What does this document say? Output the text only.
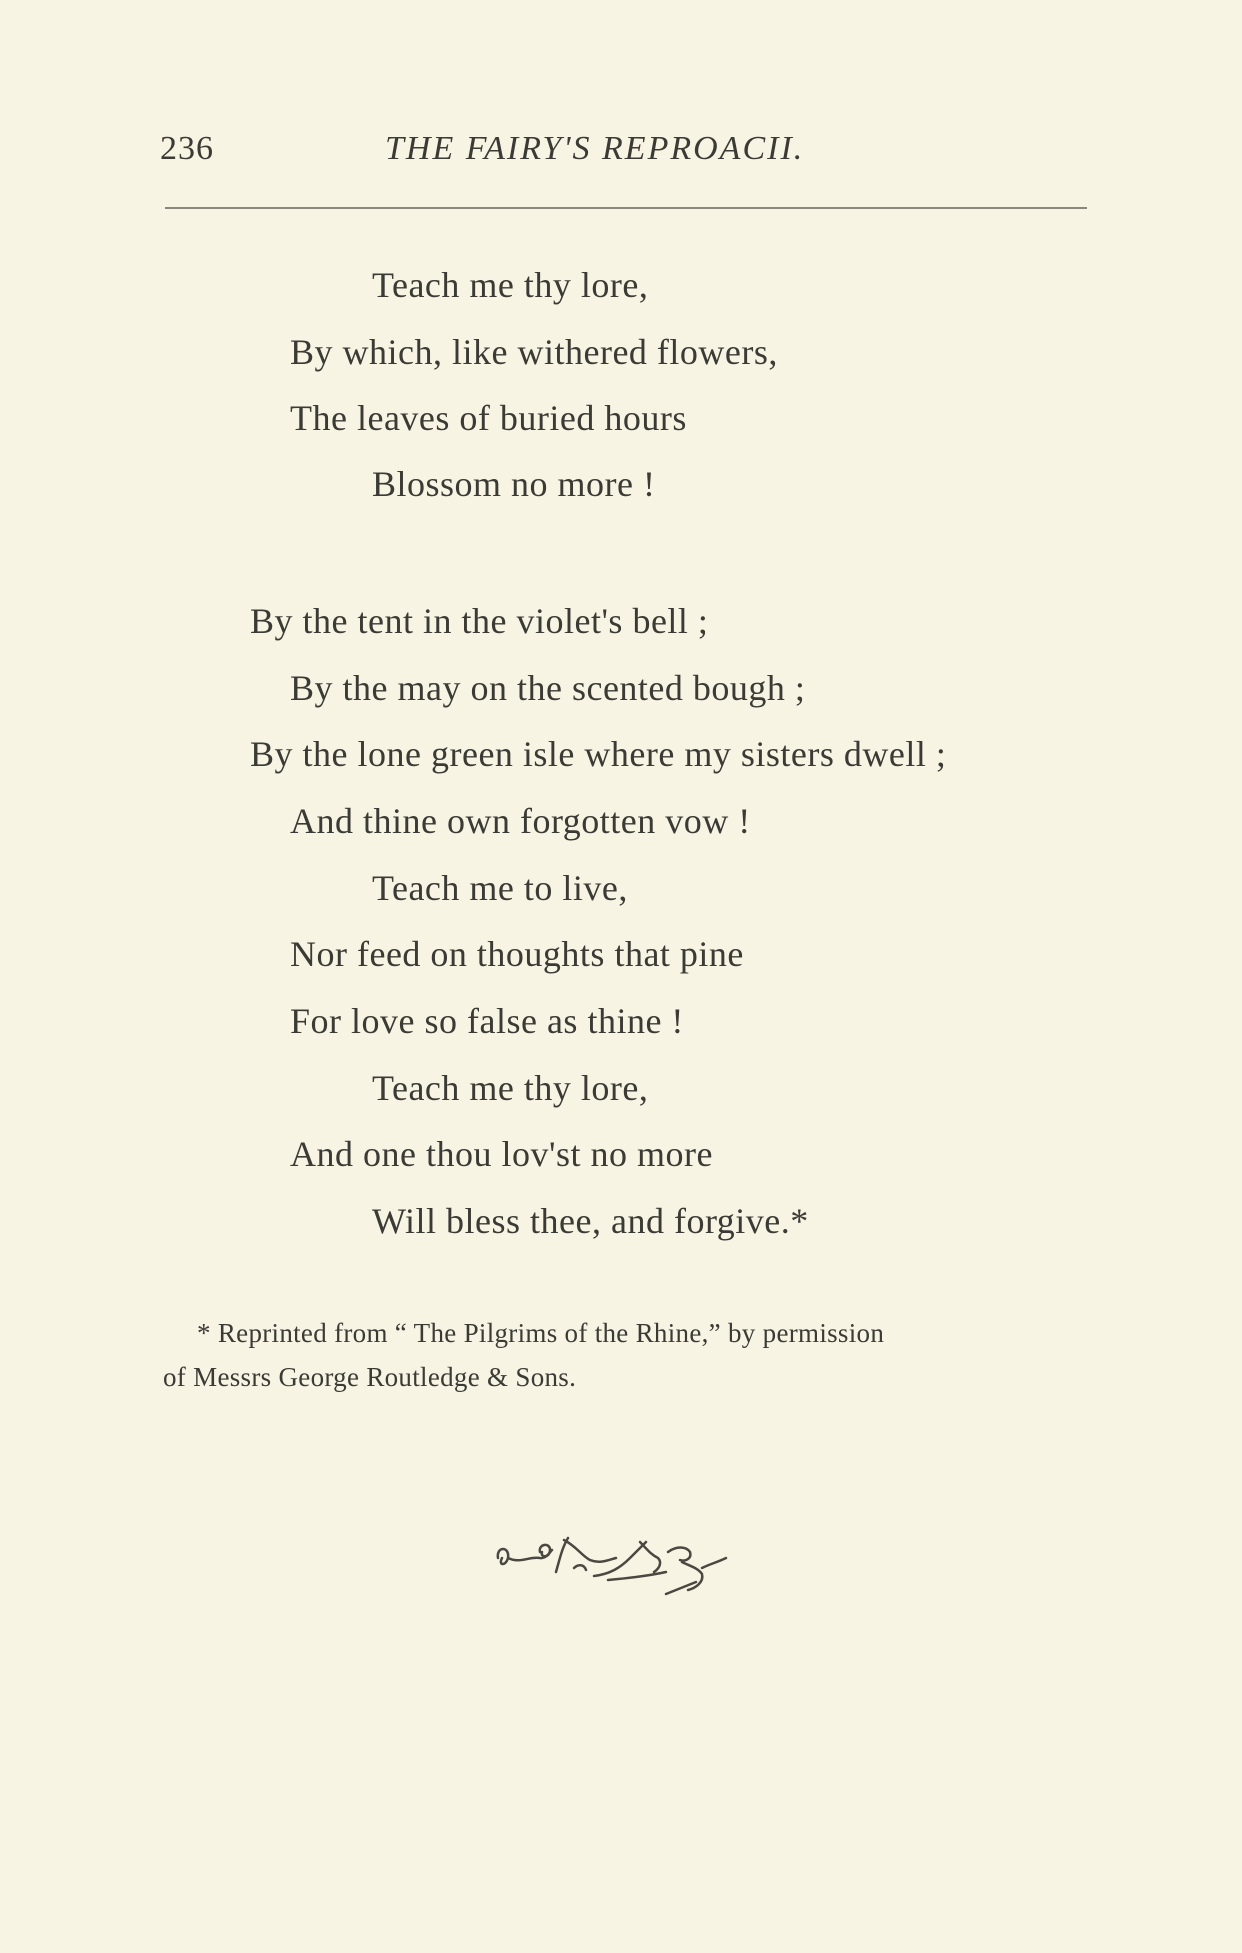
236	THE FAIRY'S REPROACII.
Teach me thy lore,
By which, like withered flowers,
The leaves of buried hours
Blossom no more !
By the tent in the violet's bell ;
By the may on the scented bough ;
By the lone green isle where my sisters dwell ;
And thine own forgotten vow !
Teach me to live,
Nor feed on thoughts that pine
For love so false as thine !
Teach me thy lore,
And one thou lov'st no more
Will bless thee, and forgive.*
* Reprinted from “ The Pilgrims of the Rhine,” by permission
of Messrs George Routledge & Sons.
